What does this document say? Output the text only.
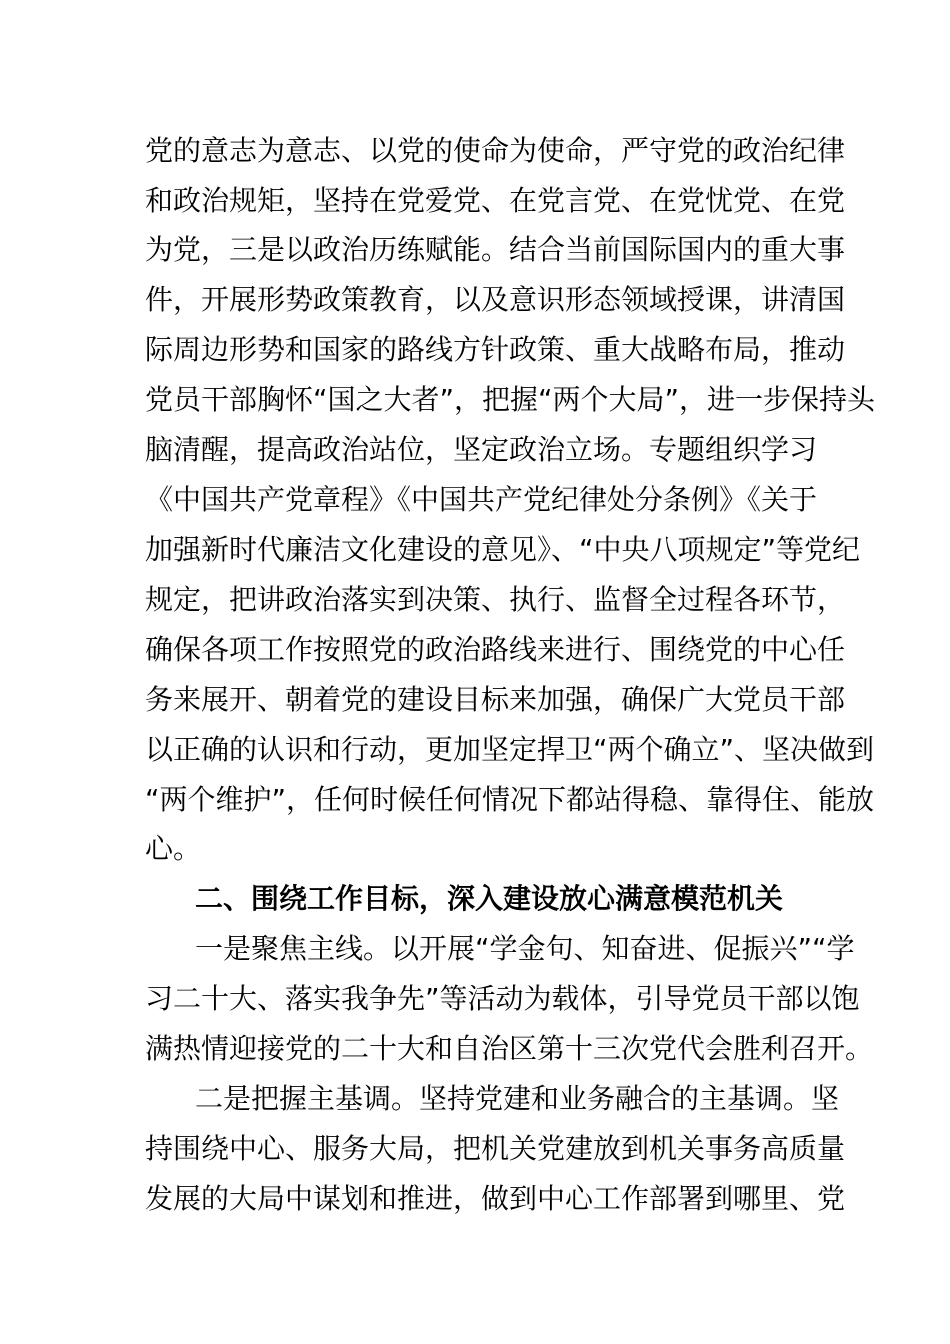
党的意志为意志、以党的使命为使命，严守党的政治纪律
和政治规矩，坚持在党爱党、在党言党、在党忧党、在党
为党，三是以政治历练赋能。结合当前国际国内的重大事
件，开展形势政策教育，以及意识形态领域授课，讲清国
际周边形势和国家的路线方针政策、重大战略布局，推动
党员干部胸怀“国之大者”，把握“两个大局”，进一步保持头
脑清醒，提高政治站位，坚定政治立场。专题组织学习
《中国共产党章程》《中国共产党纪律处分条例》《关于
加强新时代廉洁文化建设的意见》、“中央八项规定”等党纪
规定，把讲政治落实到决策、执行、监督全过程各环节，
确保各项工作按照党的政治路线来进行、围绕党的中心任
务来展开、朝着党的建设目标来加强，确保广大党员干部
以正确的认识和行动，更加坚定捍卫“两个确立”、坚决做到
“两个维护”，任何时候任何情况下都站得稳、靠得住、能放
心。
二、围绕工作目标，深入建设放心满意模范机关
一是聚焦主线。以开展“学金句、知奋进、促振兴”“学
习二十大、落实我争先”等活动为载体，引导党员干部以饱
满热情迎接党的二十大和自治区第十三次党代会胜利召开。
二是把握主基调。坚持党建和业务融合的主基调。坚
持围绕中心、服务大局，把机关党建放到机关事务高质量
发展的大局中谋划和推进，做到中心工作部署到哪里、党
